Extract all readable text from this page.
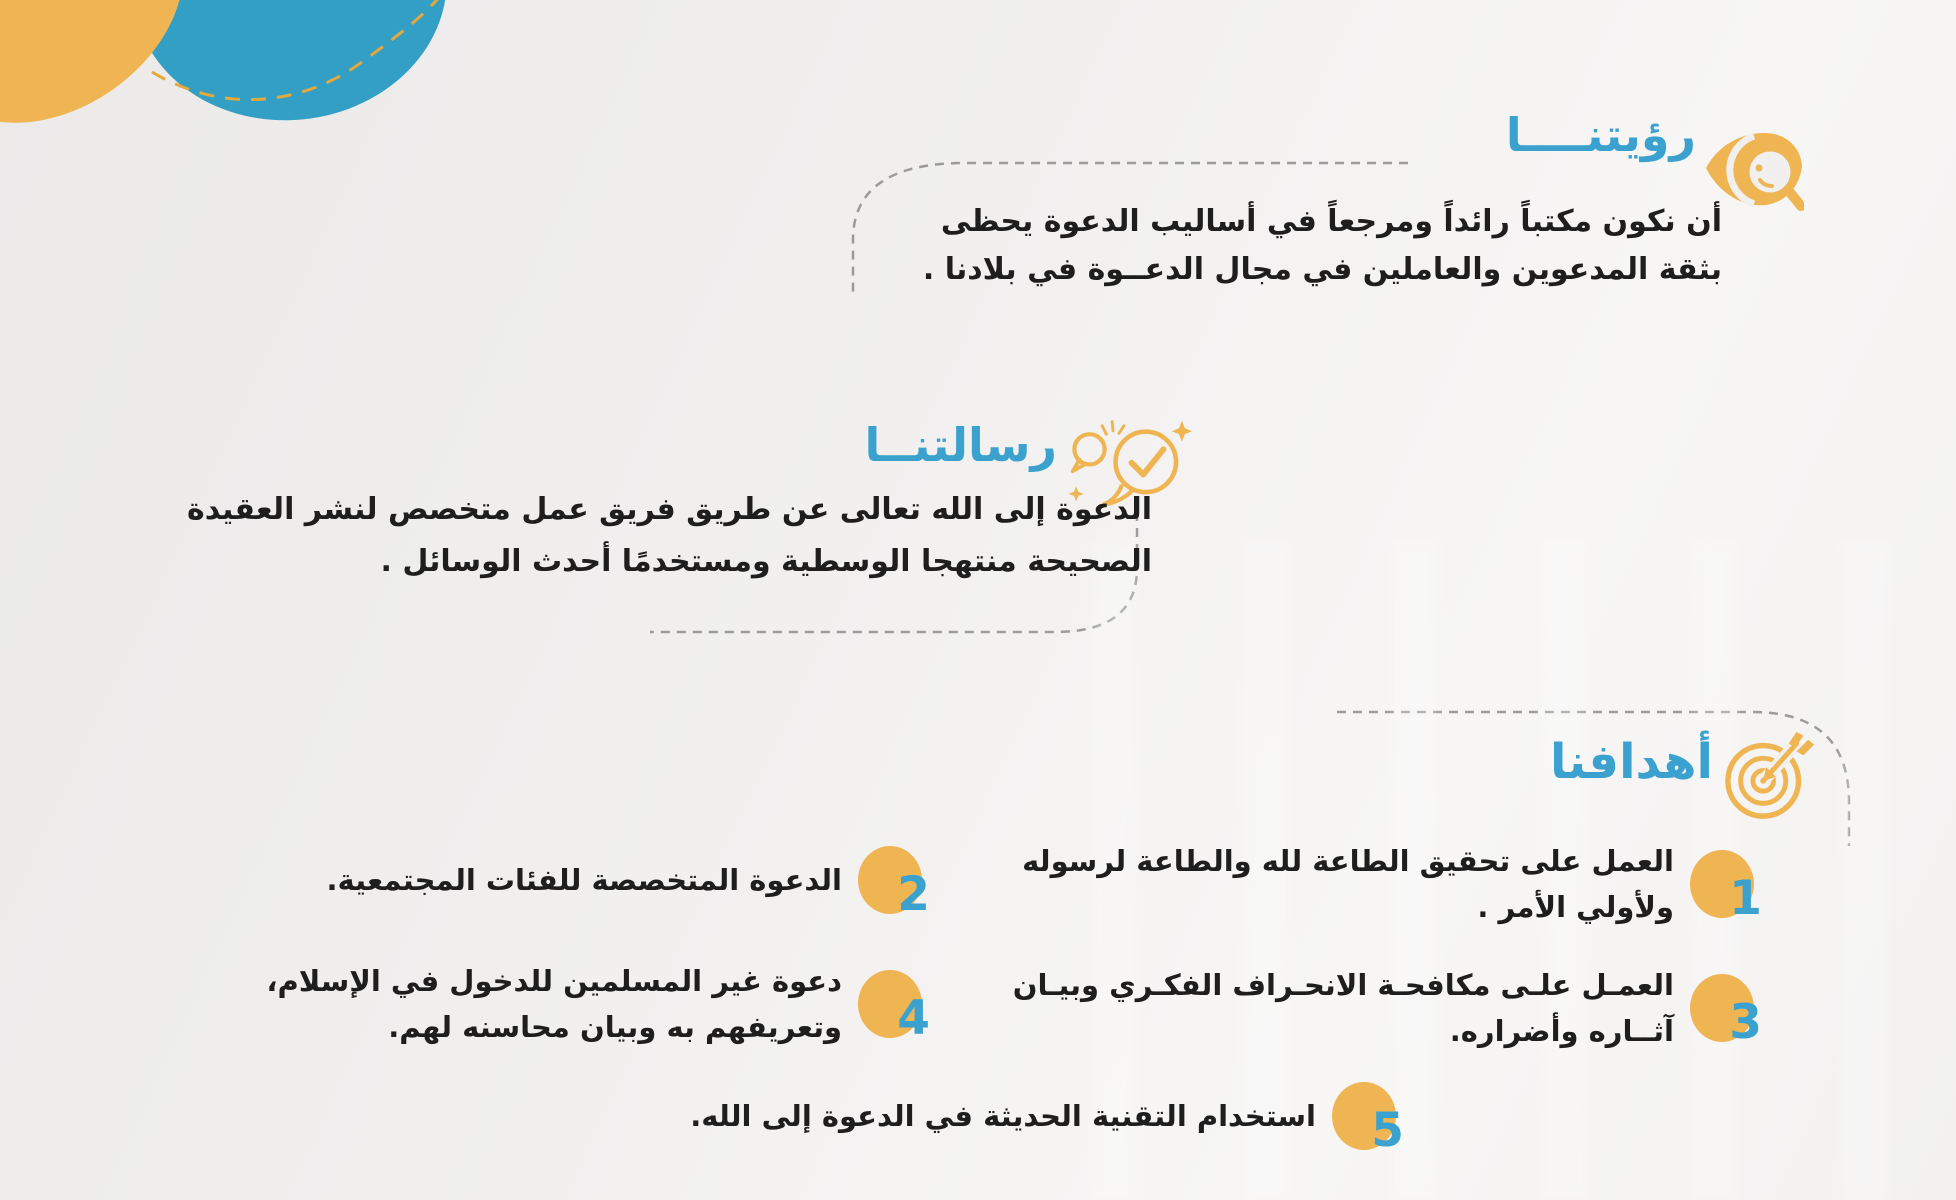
رؤيتنــــا
أن نكون مكتباً رائداً ومرجعاً في أساليب الدعوة يحظى
بثقة المدعوين والعاملين في مجال الدعــوة في بلادنا .
رسالتنــا
الدعوة إلى الله تعالى عن طريق فريق عمل متخصص لنشر العقيدة
الصحيحة منتهجا الوسطية ومستخدمًا أحدث الوسائل .
أهدافنا
1
العمل على تحقيق الطاعة لله والطاعة لرسوله ولأولي الأمر .
2
الدعوة المتخصصة للفئات المجتمعية.
3
العمـل علـى مكافحـة الانحـراف الفكـري وبيـان آثــاره وأضراره.
4
دعوة غير المسلمين للدخول في الإسلام، وتعريفهم به وبيان محاسنه لهم.
5
استخدام التقنية الحديثة في الدعوة إلى الله.
